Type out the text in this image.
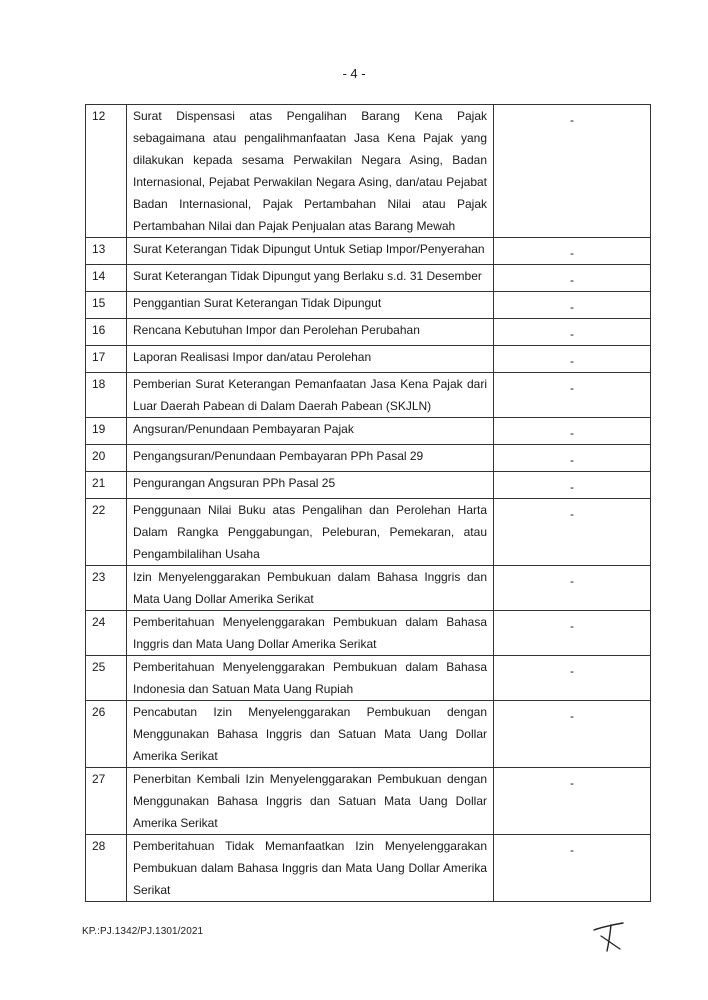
- 4 -
12	Surat Dispensasi atas Pengalihan Barang Kena Pajak sebagaimana atau pengalihmanfaatan Jasa Kena Pajak yang dilakukan kepada sesama Perwakilan Negara Asing, Badan Internasional, Pejabat Perwakilan Negara Asing, dan/atau Pejabat Badan Internasional, Pajak Pertambahan Nilai atau Pajak Pertambahan Nilai dan Pajak Penjualan atas Barang Mewah	-
13	Surat Keterangan Tidak Dipungut Untuk Setiap Impor/Penyerahan	-
14	Surat Keterangan Tidak Dipungut yang Berlaku s.d. 31 Desember	-
15	Penggantian Surat Keterangan Tidak Dipungut	-
16	Rencana Kebutuhan Impor dan Perolehan Perubahan	-
17	Laporan Realisasi Impor dan/atau Perolehan	-
18	Pemberian Surat Keterangan Pemanfaatan Jasa Kena Pajak dari Luar Daerah Pabean di Dalam Daerah Pabean (SKJLN)	-
19	Angsuran/Penundaan Pembayaran Pajak	-
20	Pengangsuran/Penundaan Pembayaran PPh Pasal 29	-
21	Pengurangan Angsuran PPh Pasal 25	-
22	Penggunaan Nilai Buku atas Pengalihan dan Perolehan Harta Dalam Rangka Penggabungan, Peleburan, Pemekaran, atau Pengambilalihan Usaha	-
23	Izin Menyelenggarakan Pembukuan dalam Bahasa Inggris dan Mata Uang Dollar Amerika Serikat	-
24	Pemberitahuan Menyelenggarakan Pembukuan dalam Bahasa Inggris dan Mata Uang Dollar Amerika Serikat	-
25	Pemberitahuan Menyelenggarakan Pembukuan dalam Bahasa Indonesia dan Satuan Mata Uang Rupiah	-
26	Pencabutan Izin Menyelenggarakan Pembukuan dengan Menggunakan Bahasa Inggris dan Satuan Mata Uang Dollar Amerika Serikat	-
27	Penerbitan Kembali Izin Menyelenggarakan Pembukuan dengan Menggunakan Bahasa Inggris dan Satuan Mata Uang Dollar Amerika Serikat	-
28	Pemberitahuan Tidak Memanfaatkan Izin Menyelenggarakan Pembukuan dalam Bahasa Inggris dan Mata Uang Dollar Amerika Serikat	-
KP.:PJ.1342/PJ.1301/2021
